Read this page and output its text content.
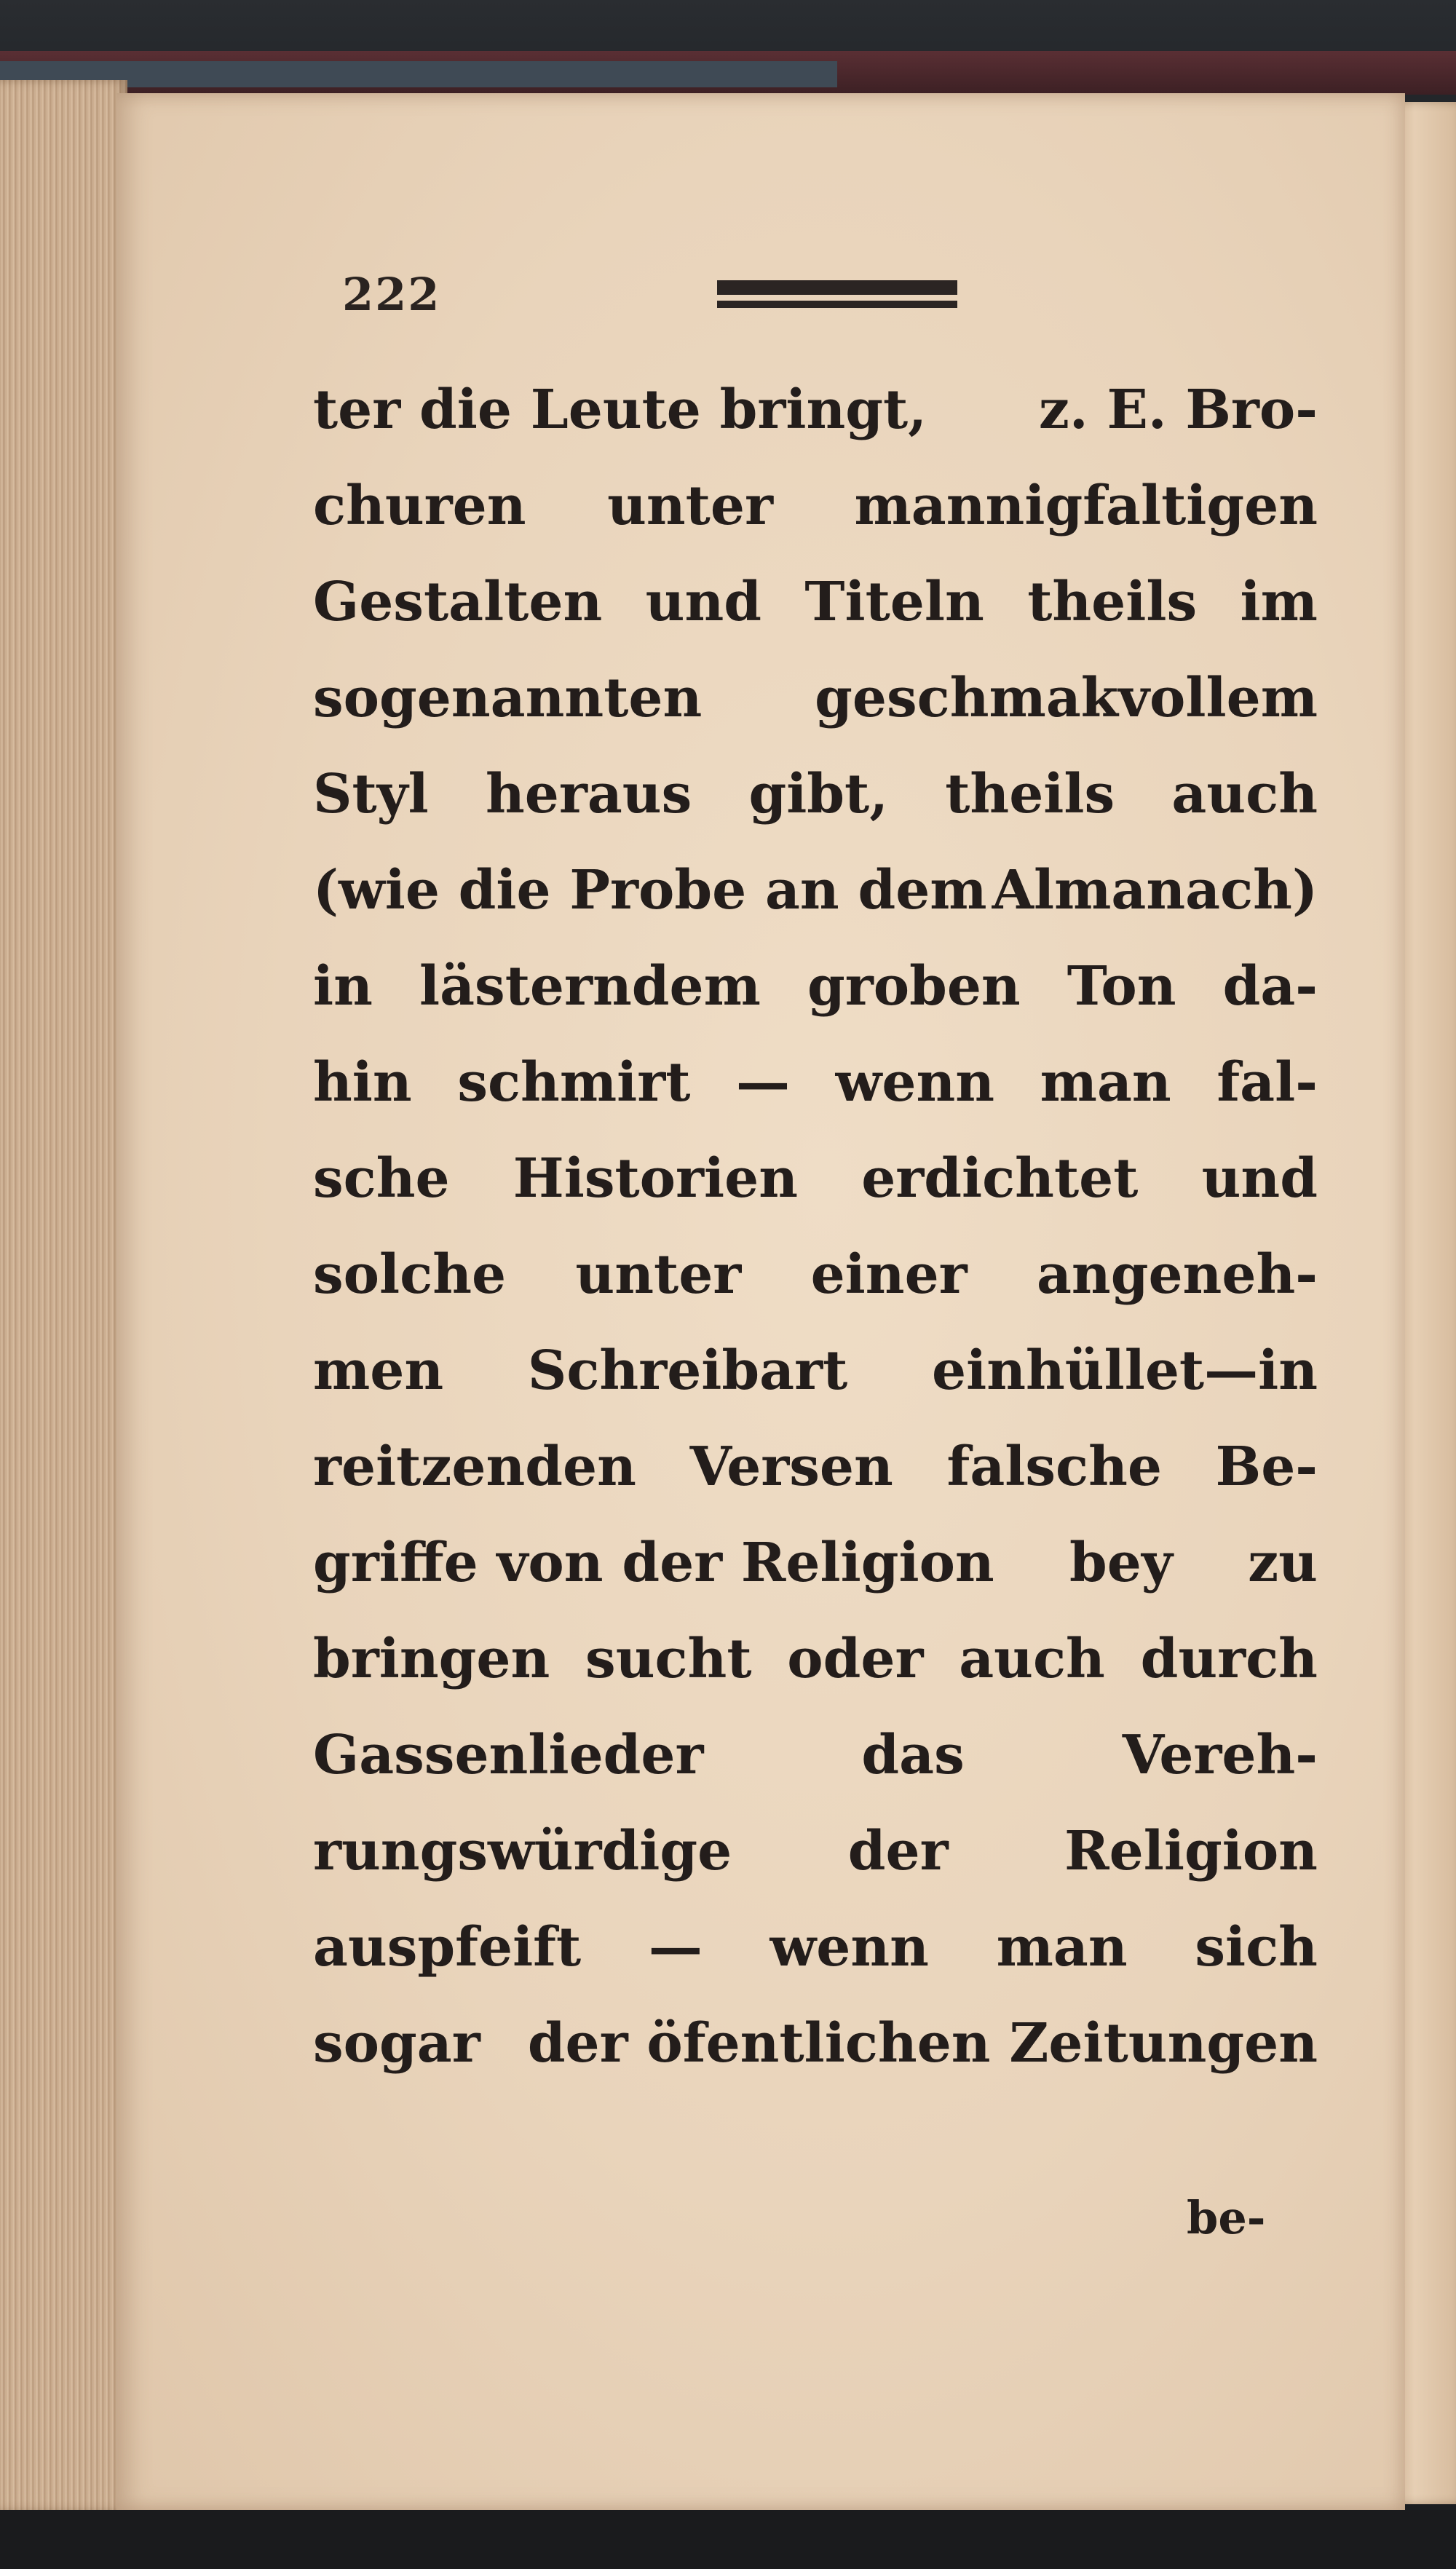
222
ter die Leute bringt, z. E. Bro-
churen unter mannigfaltigen
Gestalten und Titeln theils im
sogenannten geschmakvollem
Styl heraus gibt, theils auch
(wie die Probe an dem Almanach)
in lästerndem groben Ton da-
hin schmirt — wenn man fal-
sche Historien erdichtet und
solche unter einer angeneh-
men Schreibart einhüllet—in
reitzenden Versen falsche Be-
griffe von der Religion bey zu
bringen sucht oder auch durch
Gassenlieder	das	Vereh-
rungswürdige der Religion
auspfeift — wenn man sich
sogar der öfentlichen Zeitungen
be-
